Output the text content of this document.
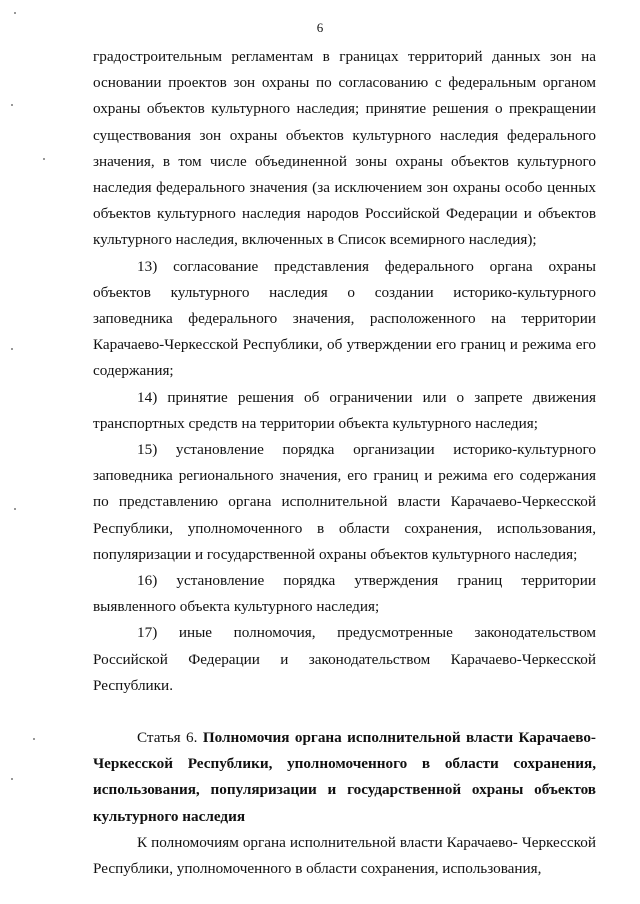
6

градостроительным регламентам в границах территорий данных зон на основании проектов зон охраны по согласованию с федеральным органом охраны объектов культурного наследия; принятие решения о прекращении существования зон охраны объектов культурного наследия федерального значения, в том числе объединенной зоны охраны объектов культурного наследия федерального значения (за исключением зон охраны особо ценных объектов культурного наследия народов Российской Федерации и объектов культурного наследия, включенных в Список всемирного наследия);

13) согласование представления федерального органа охраны объектов культурного наследия о создании историко-культурного заповедника федерального значения, расположенного на территории Карачаево-Черкесской Республики, об утверждении его границ и режима его содержания;

14) принятие решения об ограничении или о запрете движения транспортных средств на территории объекта культурного наследия;

15) установление порядка организации историко-культурного заповедника регионального значения, его границ и режима его содержания по представлению органа исполнительной власти Карачаево-Черкесской Республики, уполномоченного в области сохранения, использования, популяризации и государственной охраны объектов культурного наследия;

16) установление порядка утверждения границ территории выявленного объекта культурного наследия;

17) иные полномочия, предусмотренные законодательством Российской Федерации и законодательством Карачаево-Черкесской Республики.

Статья 6. Полномочия органа исполнительной власти Карачаево-Черкесской Республики, уполномоченного в области сохранения, использования, популяризации и государственной охраны объектов культурного наследия

К полномочиям органа исполнительной власти Карачаево- Черкесской Республики, уполномоченного в области сохранения, использования,
